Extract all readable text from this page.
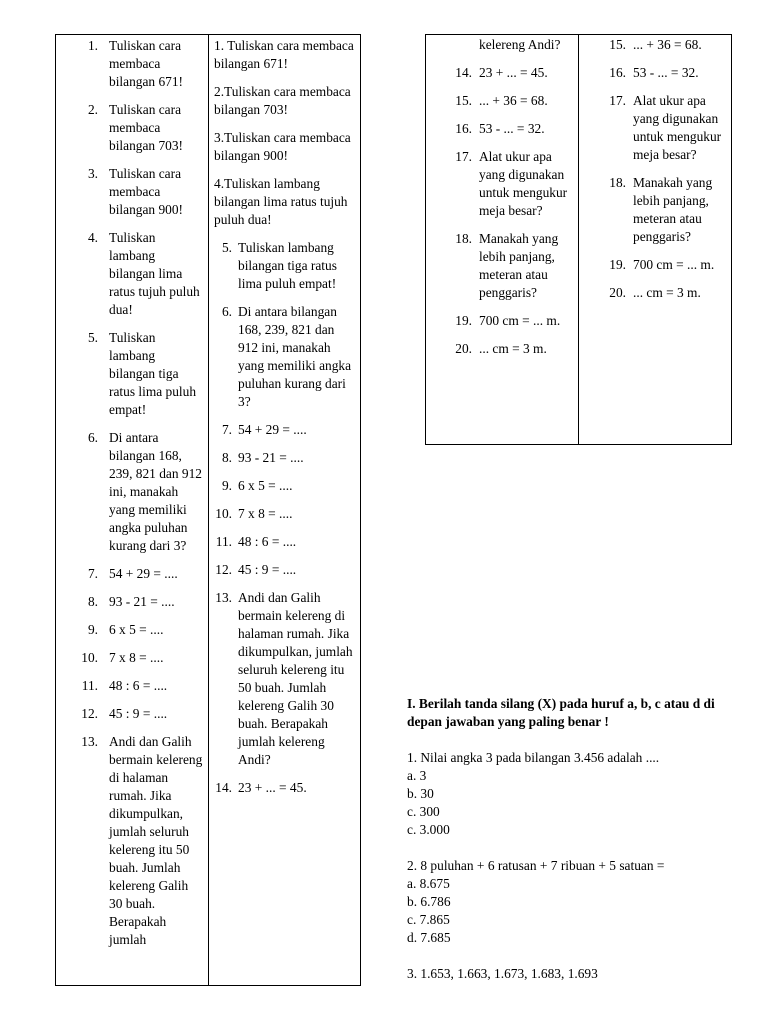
1. Tuliskan cara membaca bilangan 671!
2. Tuliskan cara membaca bilangan 703!
3. Tuliskan cara membaca bilangan 900!
4. Tuliskan lambang bilangan lima ratus tujuh puluh dua!
5. Tuliskan lambang bilangan tiga ratus lima puluh empat!
6. Di antara bilangan 168, 239, 821 dan 912 ini, manakah yang memiliki angka puluhan kurang dari 3?
7. 54 + 29 = ....
8. 93 - 21 = ....
9. 6 x 5 = ....
10. 7 x 8 = ....
11. 48 : 6 = ....
12. 45 : 9 = ....
13. Andi dan Galih bermain kelereng di halaman rumah. Jika dikumpulkan, jumlah seluruh kelereng itu 50 buah. Jumlah kelereng Galih 30 buah. Berapakah jumlah

1. Tuliskan cara membaca bilangan 671!

2.Tuliskan cara membaca bilangan 703!

3.Tuliskan cara membaca bilangan 900!

4.Tuliskan lambang bilangan lima ratus tujuh puluh dua!

5. Tuliskan lambang bilangan tiga ratus lima puluh empat!
6. Di antara bilangan 168, 239, 821 dan 912 ini, manakah yang memiliki angka puluhan kurang dari 3?
7. 54 + 29 = ....
8. 93 - 21 = ....
9. 6 x 5 = ....
10. 7 x 8 = ....
11. 48 : 6 = ....
12. 45 : 9 = ....
13. Andi dan Galih bermain kelereng di halaman rumah. Jika dikumpulkan, jumlah seluruh kelereng itu 50 buah. Jumlah kelereng Galih 30 buah. Berapakah jumlah kelereng Andi?
14. 23 + ... = 45.
kelereng Andi?
14. 23 + ... = 45.
15. ... + 36 = 68.
16. 53 - ... = 32.
17. Alat ukur apa yang digunakan untuk mengukur meja besar?
18. Manakah yang lebih panjang, meteran atau penggaris?
19. 700 cm = ... m.
20. ... cm = 3 m.
15. ... + 36 = 68.
16. 53 - ... = 32.
17. Alat ukur apa yang digunakan untuk mengukur meja besar?
18. Manakah yang lebih panjang, meteran atau penggaris?
19. 700 cm = ... m.
20. ... cm = 3 m.

I. Berilah tanda silang (X) pada huruf a, b, c atau d di depan jawaban yang paling benar !

1. Nilai angka 3 pada bilangan 3.456 adalah ....

a. 3

b. 30

c. 300

c. 3.000

2. 8 puluhan + 6 ratusan + 7 ribuan + 5 satuan =

a. 8.675

b. 6.786

c. 7.865

d. 7.685

3. 1.653, 1.663, 1.673, 1.683, 1.693
